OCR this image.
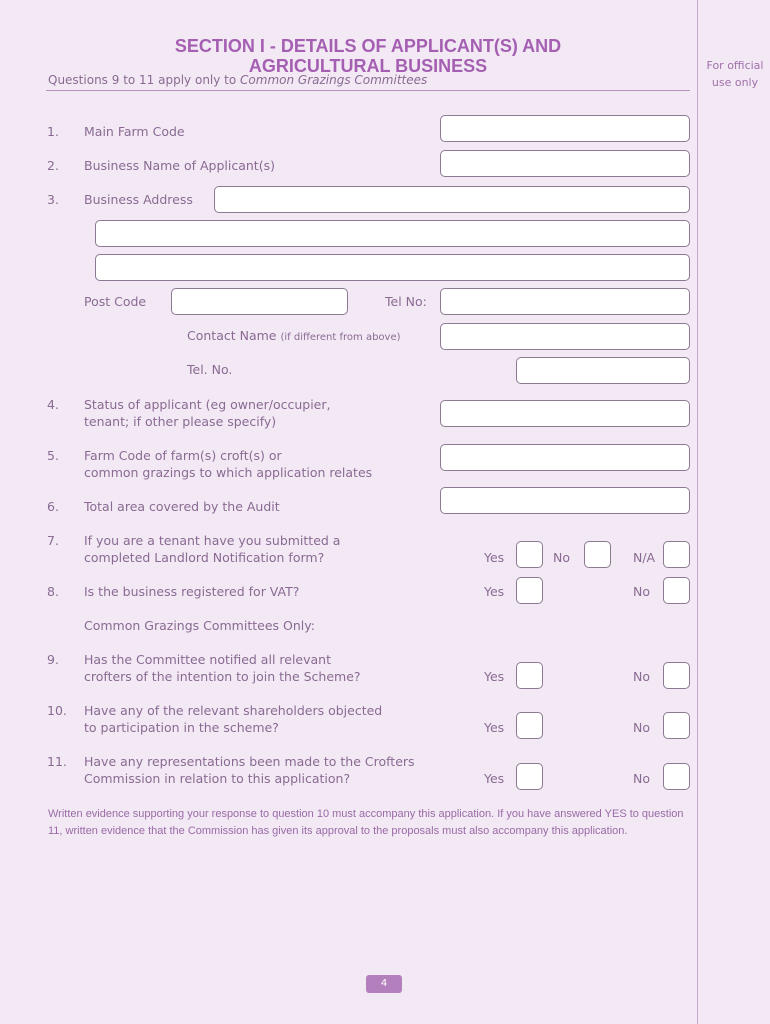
For official use only
SECTION I - DETAILS OF APPLICANT(S) AND
AGRICULTURAL BUSINESS
Questions 9 to 11 apply only to Common Grazings Committees
1. Main Farm Code
2. Business Name of Applicant(s)
3. Business Address
Post Code	Tel No:
Contact Name (if different from above)
Tel. No.
4. Status of applicant (eg owner/occupier,
tenant; if other please specify)
5. Farm Code of farm(s) croft(s) or
common grazings to which application relates
6. Total area covered by the Audit
7. If you are a tenant have you submitted a
completed Landlord Notification form?	Yes	No	N/A
8. Is the business registered for VAT?	Yes	No
Common Grazings Committees Only:
9. Has the Committee notified all relevant
crofters of the intention to join the Scheme?	Yes	No
10. Have any of the relevant shareholders objected
to participation in the scheme?	Yes	No
11. Have any representations been made to the Crofters
Commission in relation to this application?	Yes	No
Written evidence supporting your response to question 10 must accompany this application. If you have answered YES to question 11, written evidence that the Commission has given its approval to the proposals must also accompany this application.
4
